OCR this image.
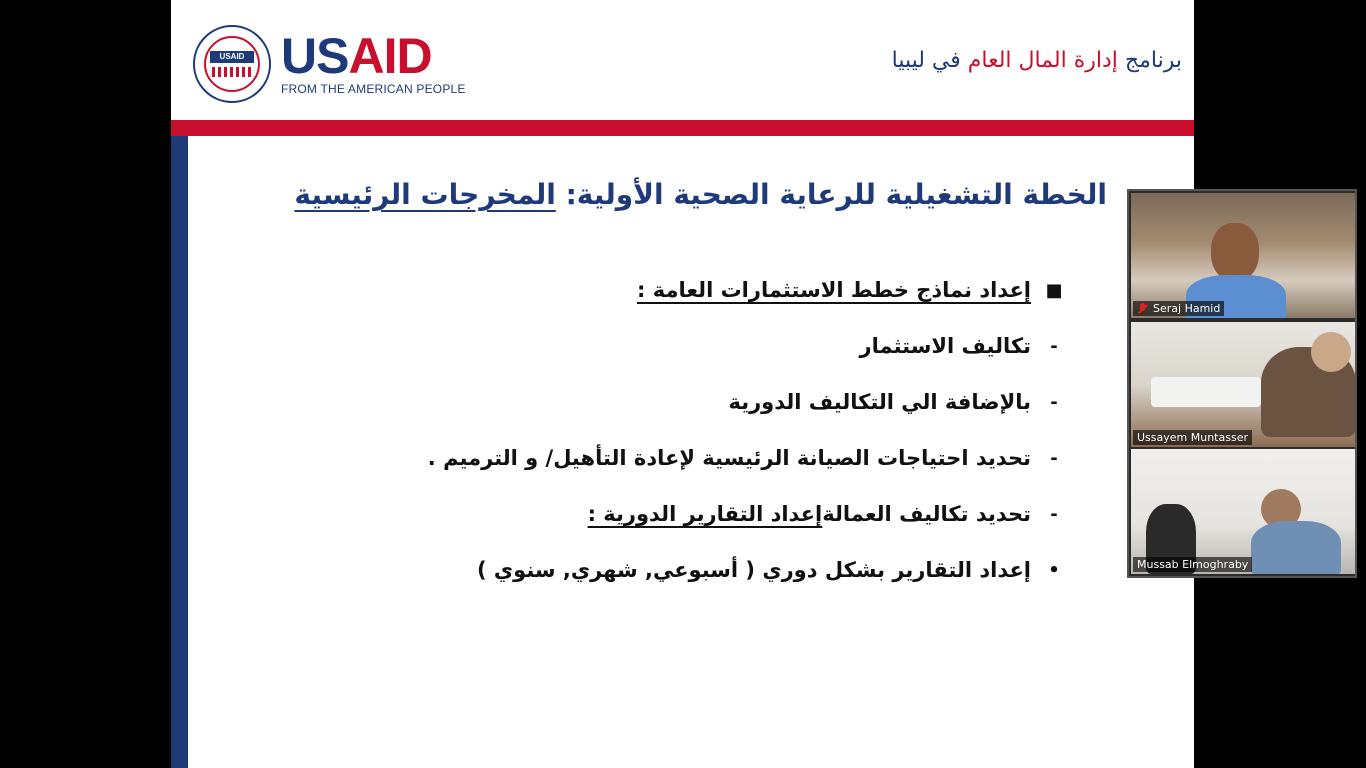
USAID USAID
FROM THE AMERICAN PEOPLE
برنامج إدارة المال العام في ليبيا
الخطة التشغيلية للرعاية الصحية الأولية: المخرجات الرئيسية
■
إعداد نماذج خطط الاستثمارات العامة :
-
تكاليف الاستثمار
-
بالإضافة الي التكاليف الدورية
-
تحديد احتياجات الصيانة الرئيسية لإعادة التأهيل/ و الترميم .
-
تحديد تكاليف العمالة
إعداد التقارير الدورية :
•
إعداد التقارير بشكل دوري ( أسبوعي, شهري, سنوي )
Seraj Hamid
Ussayem Muntasser
Mussab Elmoghraby
